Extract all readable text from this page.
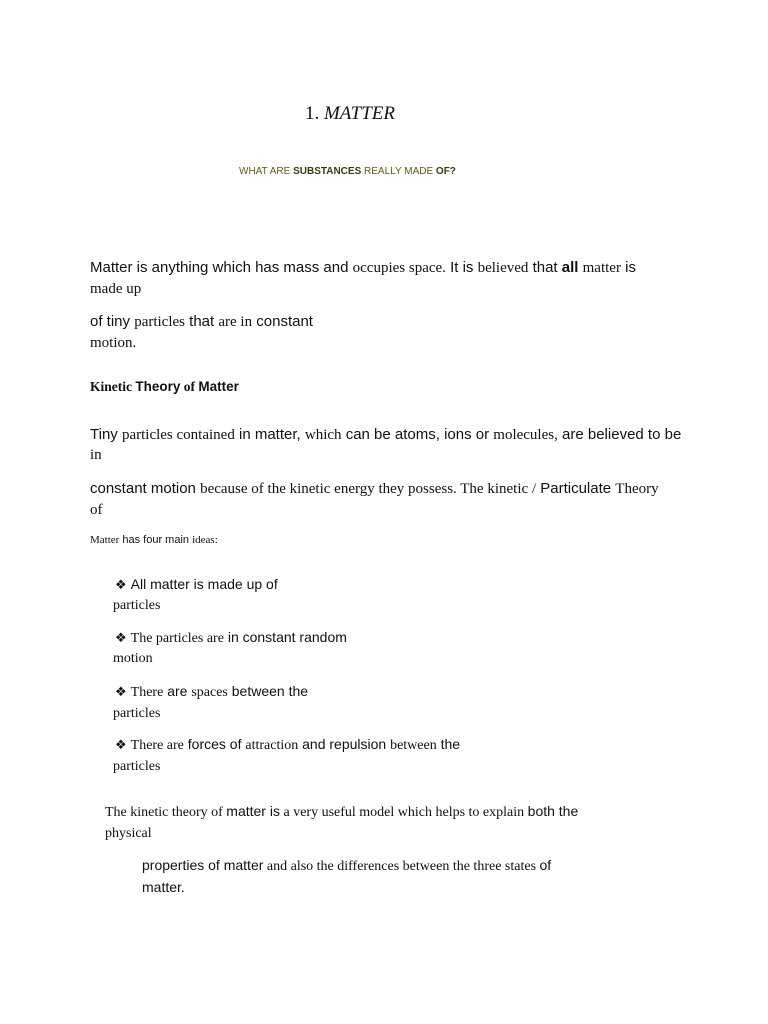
1. MATTER
WHAT ARE SUBSTANCES REALLY MADE OF?
Matter is anything which has mass and occupies space. It is believed that all matter is
made up
of tiny particles that are in constant
motion.
Kinetic Theory of Matter
Tiny particles contained in matter, which can be atoms, ions or molecules, are believed to be
in
constant motion because of the kinetic energy they possess. The kinetic / Particulate Theory
of
Matter has four main ideas:
❖ All matter is made up of
particles
❖ The particles are in constant random
motion
❖ There are spaces between the
particles
❖ There are forces of attraction and repulsion between the
particles
The kinetic theory of matter is a very useful model which helps to explain both the
physical
properties of matter and also the differences between the three states of
matter.
